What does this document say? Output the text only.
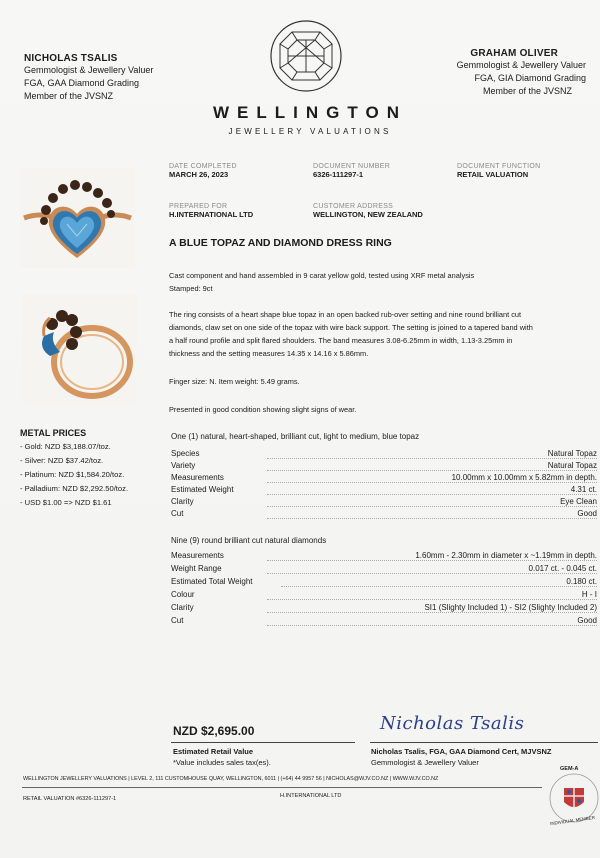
NICHOLAS TSALIS
Gemmologist & Jewellery Valuer
FGA, GAA Diamond Grading
Member of the JVSNZ
GRAHAM OLIVER
Gemmologist & Jewellery Valuer
FGA, GIA Diamond Grading
Member of the JVSNZ
WELLINGTON
JEWELLERY VALUATIONS
DATE COMPLETED
MARCH 26, 2023
DOCUMENT NUMBER
6326-111297-1
DOCUMENT FUNCTION
RETAIL VALUATION
PREPARED FOR
H.INTERNATIONAL LTD
CUSTOMER ADDRESS
WELLINGTON, NEW ZEALAND
METAL PRICES
- Gold: NZD $3,188.07/toz.
- Silver: NZD $37.42/toz.
- Platinum: NZD $1,584.20/toz.
- Palladium: NZD $2,292.50/toz.
- USD $1.00 => NZD $1.61
A BLUE TOPAZ AND DIAMOND DRESS RING
Cast component and hand assembled in 9 carat yellow gold, tested using XRF metal analysis
Stamped: 9ct
The ring consists of a heart shape blue topaz in an open backed rub-over setting and nine round brilliant cut
diamonds, claw set on one side of the topaz with wire back support. The setting is joined to a tapered band with
a half round profile and split flared shoulders. The band measures 3.08-6.25mm in width, 1.13-3.25mm in
thickness and the setting measures 14.35 x 14.16 x 5.86mm.
Finger size: N. Item weight: 5.49 grams.
Presented in good condition showing slight signs of wear.
One (1) natural, heart-shaped, brilliant cut, light to medium, blue topaz
Species	Natural Topaz
Variety	Natural Topaz
Measurements	10.00mm x 10.00mm x 5.82mm in depth.
Estimated Weight	4.31 ct.
Clarity	Eye Clean
Cut	Good
Nine (9) round brilliant cut natural diamonds
Measurements	1.60mm - 2.30mm in diameter x ~1.19mm in depth.
Weight Range	0.017 ct. - 0.045 ct.
Estimated Total Weight	0.180 ct.
Colour	H - I
Clarity	SI1 (Slighty Included 1) - SI2 (Slighty Included 2)
Cut	Good
NZD $2,695.00
Estimated Retail Value
*Value includes sales tax(es).
Nicholas Tsalis
Nicholas Tsalis, FGA, GAA Diamond Cert, MJVSNZ
Gemmologist & Jewellery Valuer
WELLINGTON JEWELLERY VALUATIONS | LEVEL 2, 111 CUSTOMHOUSE QUAY, WELLINGTON, 6011 | (+64) 44 9957 56 | NICHOLAS@WJV.CO.NZ | WWW.WJV.CO.NZ
RETAIL VALUATION #6326-111297-1	H.INTERNATIONAL LTD
GEM-A
INDIVIDUAL MEMBER
